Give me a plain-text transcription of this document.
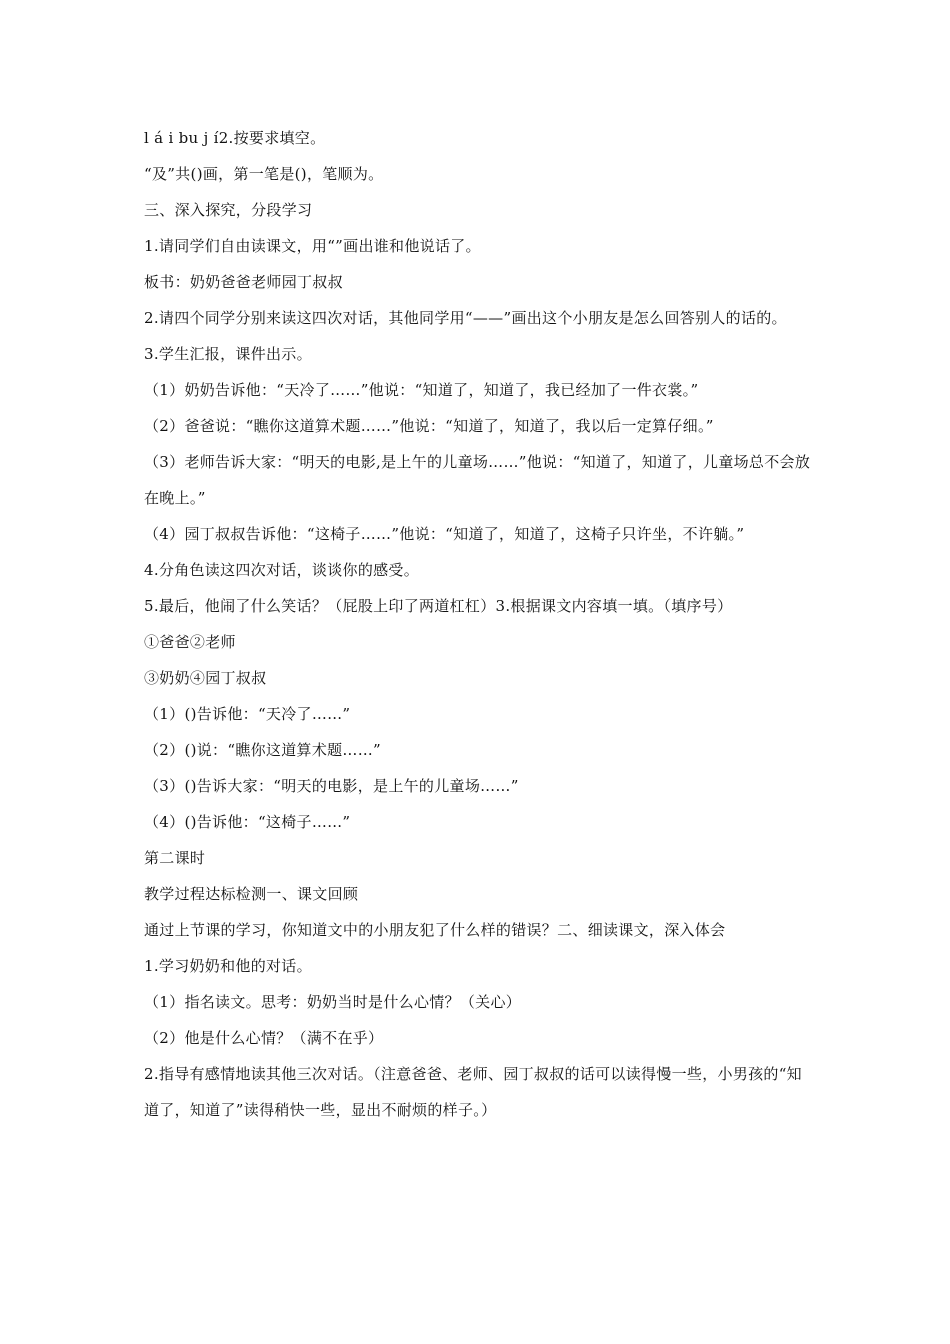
l á i bu j í2.按要求填空。
“及”共()画，第一笔是()，笔顺为。
三、深入探究，分段学习
1.请同学们自由读课文，用“”画出谁和他说话了。
板书：奶奶爸爸老师园丁叔叔
2.请四个同学分别来读这四次对话，其他同学用“——”画出这个小朋友是怎么回答别人的话的。
3.学生汇报，课件出示。
（1）奶奶告诉他：“天冷了……”他说：“知道了，知道了，我已经加了一件衣裳。”
（2）爸爸说：“瞧你这道算术题……”他说：“知道了，知道了，我以后一定算仔细。”
（3）老师告诉大家：“明天的电影,是上午的儿童场……”他说：“知道了，知道了，儿童场总不会放在晚上。”
（4）园丁叔叔告诉他：“这椅子……”他说：“知道了，知道了，这椅子只许坐，不许躺。”
4.分角色读这四次对话，谈谈你的感受。
5.最后，他闹了什么笑话？（屁股上印了两道杠杠）3.根据课文内容填一填。（填序号）
①爸爸②老师
③奶奶④园丁叔叔
（1）()告诉他：“天冷了……”
（2）()说：“瞧你这道算术题……”
（3）()告诉大家：“明天的电影，是上午的儿童场……”
（4）()告诉他：“这椅子……”
第二课时
教学过程达标检测一、课文回顾
通过上节课的学习，你知道文中的小朋友犯了什么样的错误？二、细读课文，深入体会
1.学习奶奶和他的对话。
（1）指名读文。思考：奶奶当时是什么心情？（关心）
（2）他是什么心情？（满不在乎）
2.指导有感情地读其他三次对话。（注意爸爸、老师、园丁叔叔的话可以读得慢一些，小男孩的“知道了，知道了”读得稍快一些，显出不耐烦的样子。）
